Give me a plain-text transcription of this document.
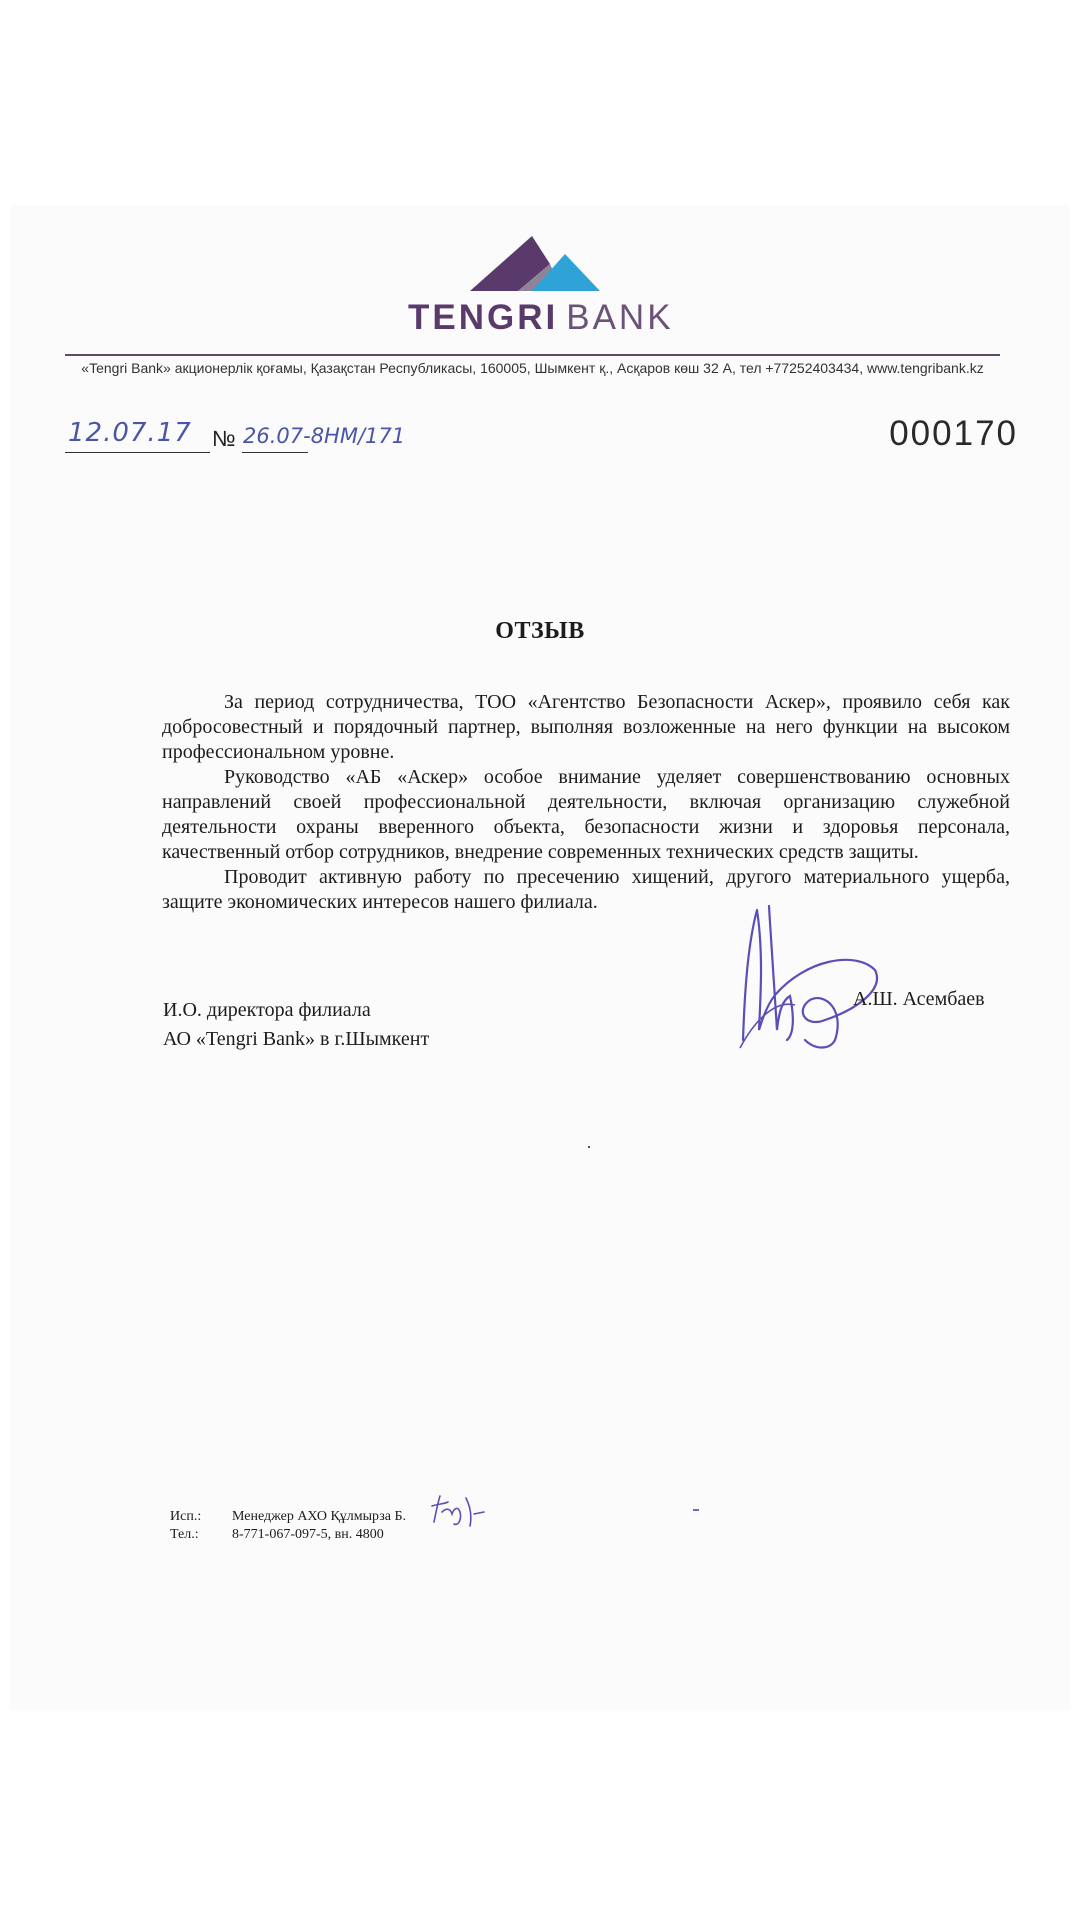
TENGRI BANK
«Tengri Bank» акционерлік қоғамы, Қазақстан Республикасы, 160005, Шымкент қ., Асқаров көш 32 А, тел +77252403434, www.tengribank.kz
12.07.17 № 26.07-8НМ/171	000170
ОТЗЫВ

За период сотрудничества, ТОО «Агентство Безопасности Аскер», проявило себя как добросовестный и порядочный партнер, выполняя возложенные на него функции на высоком профессиональном уровне.

Руководство «АБ «Аскер» особое внимание уделяет совершенствованию основных направлений своей профессиональной деятельности, включая организацию служебной деятельности охраны вверенного объекта, безопасности жизни и здоровья персонала, качественный отбор сотрудников, внедрение современных технических средств защиты.

Проводит активную работу по пресечению хищений, другого материального ущерба, защите экономических интересов нашего филиала.

И.О. директора филиала
АО «Tengri Bank» в г.Шымкент
А.Ш. Асембаев
Исп.:	Менеджер АХО Құлмырза Б.
Тел.:	8-771-067-097-5, вн. 4800
